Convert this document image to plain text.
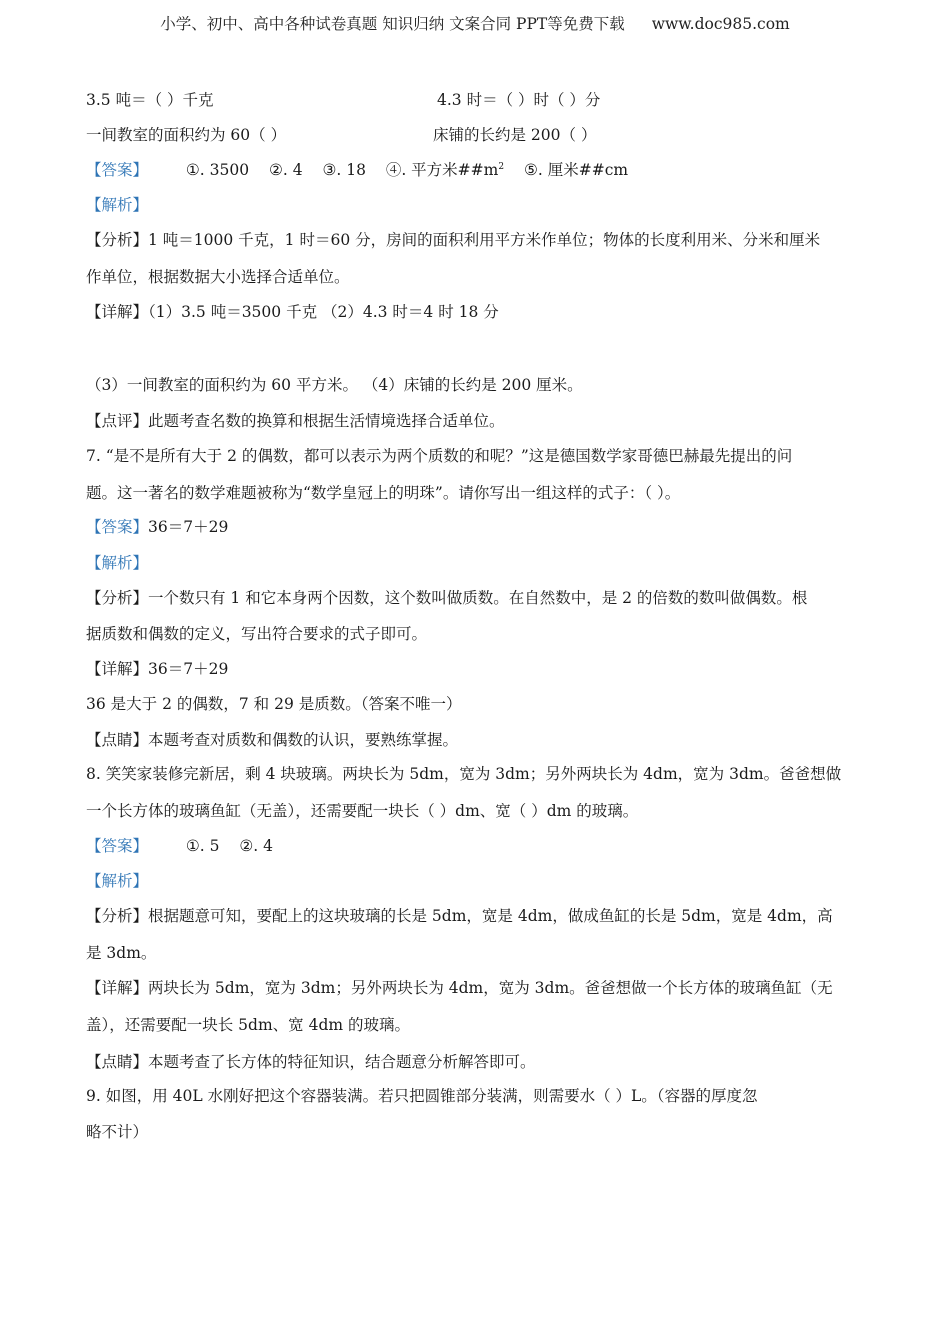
小学、初中、高中各种试卷真题 知识归纳 文案合同 PPT等免费下载 www.doc985.com
3.5 吨＝（ ）千克	4.3 时＝（ ）时（ ）分
一间教室的面积约为 60（ ）	床铺的长约是 200（ ）
【答案】 ①. 3500 ②. 4 ③. 18 ④. 平方米$\#\#m^2$ ⑤. 厘米##cm
【解析】
【分析】1 吨＝1000 千克，1 时＝60 分，房间的面积利用平方米作单位；物体的长度利用米、分米和厘米
作单位，根据数据大小选择合适单位。
【详解】（1）3.5 吨＝3500 千克 （2）4.3 时＝4 时 18 分
（3）一间教室的面积约为 60 平方米。 （4）床铺的长约是 200 厘米。
【点评】此题考查名数的换算和根据生活情境选择合适单位。
7. “是不是所有大于 2 的偶数，都可以表示为两个质数的和呢？”这是德国数学家哥德巴赫最先提出的问
题。这一著名的数学难题被称为“数学皇冠上的明珠”。请你写出一组这样的式子：（ ）。
【答案】36＝7＋29
【解析】
【分析】一个数只有 1 和它本身两个因数，这个数叫做质数。在自然数中，是 2 的倍数的数叫做偶数。根
据质数和偶数的定义，写出符合要求的式子即可。
【详解】36＝7＋29
36 是大于 2 的偶数，7 和 29 是质数。（答案不唯一）
【点睛】本题考查对质数和偶数的认识，要熟练掌握。
8. 笑笑家装修完新居，剩 4 块玻璃。两块长为 5dm，宽为 3dm；另外两块长为 4dm，宽为 3dm。爸爸想做
一个长方体的玻璃鱼缸（无盖），还需要配一块长（ ）dm、宽（ ）dm 的玻璃。
【答案】 ①. 5 ②. 4
【解析】
【分析】根据题意可知，要配上的这块玻璃的长是 5dm，宽是 4dm，做成鱼缸的长是 5dm，宽是 4dm，高
是 3dm。
【详解】两块长为 5dm，宽为 3dm；另外两块长为 4dm，宽为 3dm。爸爸想做一个长方体的玻璃鱼缸（无
盖），还需要配一块长 5dm、宽 4dm 的玻璃。
【点睛】本题考查了长方体的特征知识，结合题意分析解答即可。
9. 如图，用 40L 水刚好把这个容器装满。若只把圆锥部分装满，则需要水（ ）L。（容器的厚度忽
略不计）
